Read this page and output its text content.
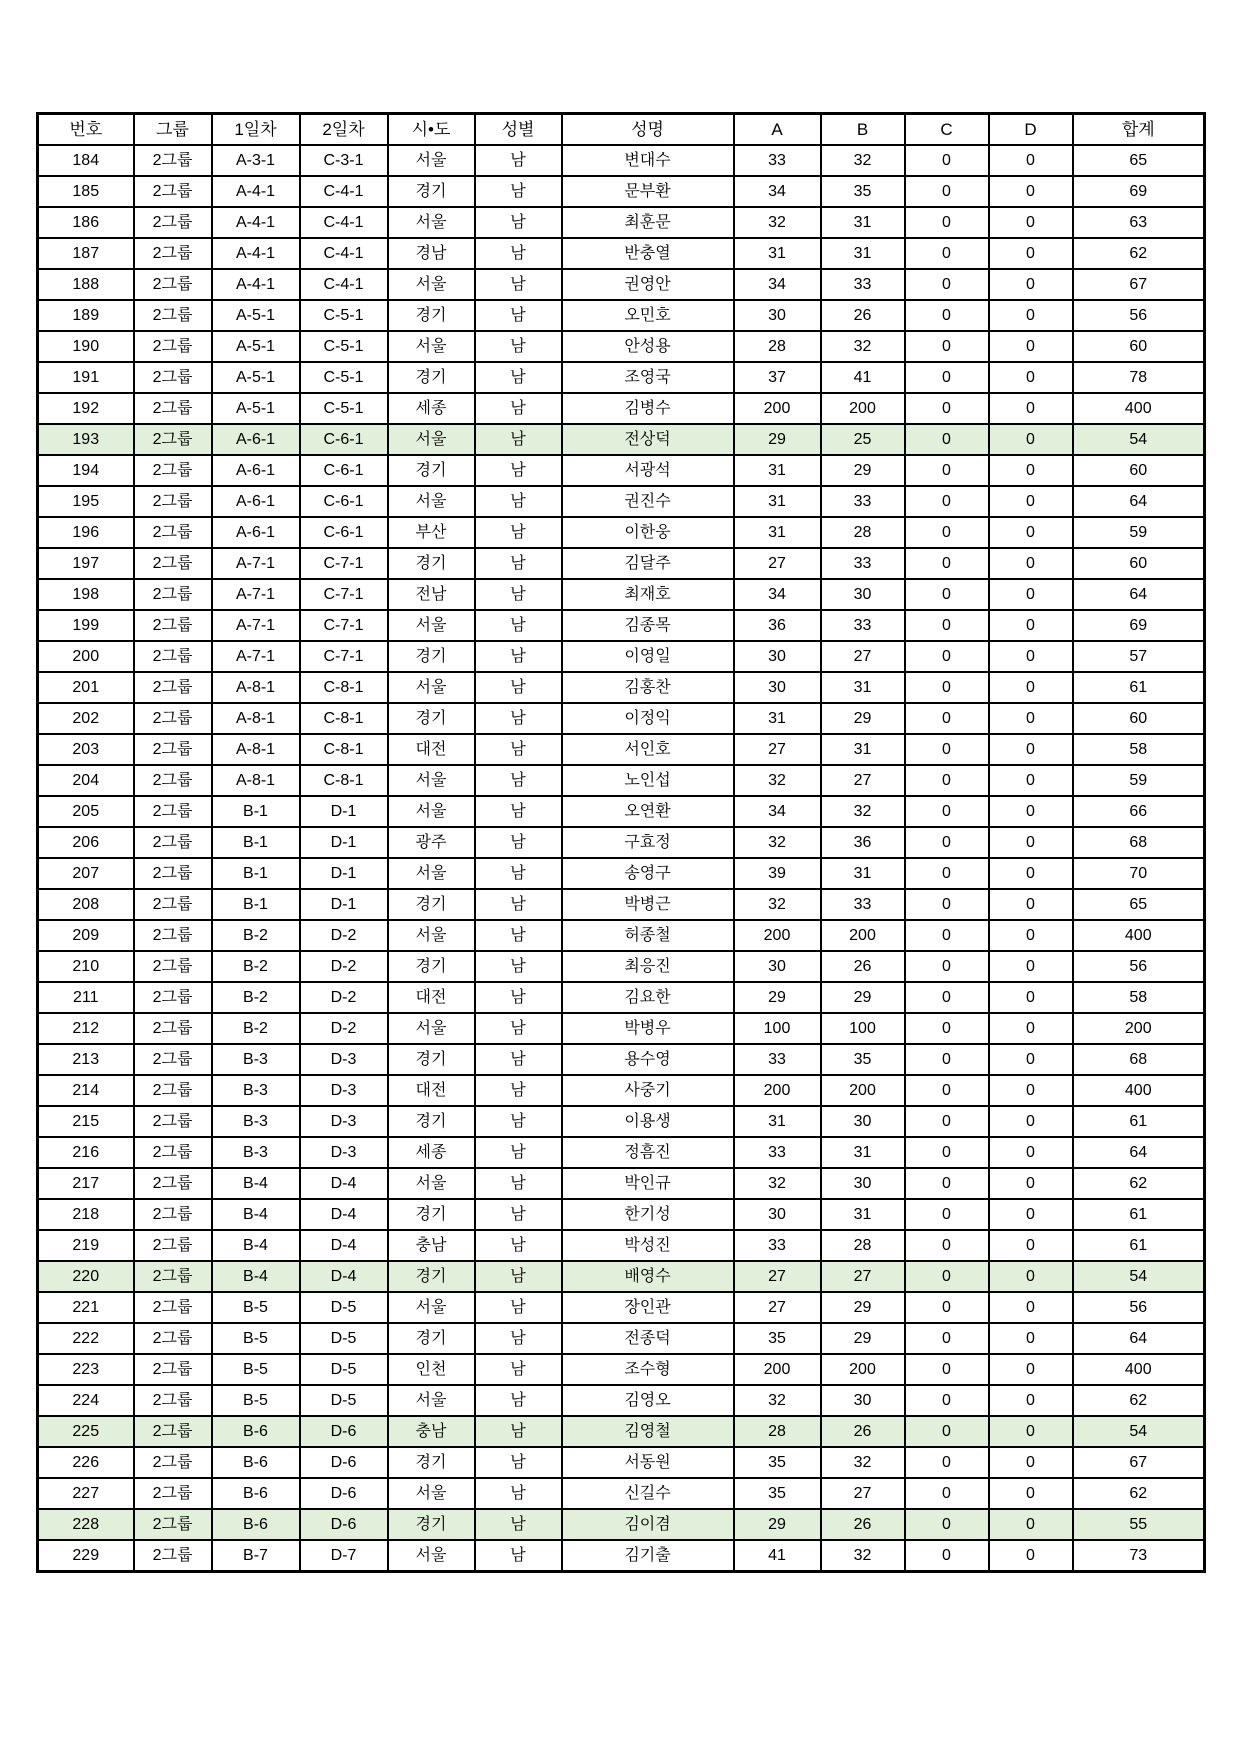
번호	그룹	1일차	2일차	시•도	성별	성명	A	B	C	D	합계
184	2그룹	A-3-1	C-3-1	서울	남	변대수	33	32	0	0	65
185	2그룹	A-4-1	C-4-1	경기	남	문부환	34	35	0	0	69
186	2그룹	A-4-1	C-4-1	서울	남	최훈문	32	31	0	0	63
187	2그룹	A-4-1	C-4-1	경남	남	반충열	31	31	0	0	62
188	2그룹	A-4-1	C-4-1	서울	남	권영안	34	33	0	0	67
189	2그룹	A-5-1	C-5-1	경기	남	오민호	30	26	0	0	56
190	2그룹	A-5-1	C-5-1	서울	남	안성용	28	32	0	0	60
191	2그룹	A-5-1	C-5-1	경기	남	조영국	37	41	0	0	78
192	2그룹	A-5-1	C-5-1	세종	남	김병수	200	200	0	0	400
193	2그룹	A-6-1	C-6-1	서울	남	전상덕	29	25	0	0	54
194	2그룹	A-6-1	C-6-1	경기	남	서광석	31	29	0	0	60
195	2그룹	A-6-1	C-6-1	서울	남	권진수	31	33	0	0	64
196	2그룹	A-6-1	C-6-1	부산	남	이한웅	31	28	0	0	59
197	2그룹	A-7-1	C-7-1	경기	남	김달주	27	33	0	0	60
198	2그룹	A-7-1	C-7-1	전남	남	최재호	34	30	0	0	64
199	2그룹	A-7-1	C-7-1	서울	남	김종목	36	33	0	0	69
200	2그룹	A-7-1	C-7-1	경기	남	이영일	30	27	0	0	57
201	2그룹	A-8-1	C-8-1	서울	남	김홍찬	30	31	0	0	61
202	2그룹	A-8-1	C-8-1	경기	남	이정익	31	29	0	0	60
203	2그룹	A-8-1	C-8-1	대전	남	서인호	27	31	0	0	58
204	2그룹	A-8-1	C-8-1	서울	남	노인섭	32	27	0	0	59
205	2그룹	B-1	D-1	서울	남	오연환	34	32	0	0	66
206	2그룹	B-1	D-1	광주	남	구효정	32	36	0	0	68
207	2그룹	B-1	D-1	서울	남	송영구	39	31	0	0	70
208	2그룹	B-1	D-1	경기	남	박병근	32	33	0	0	65
209	2그룹	B-2	D-2	서울	남	허종철	200	200	0	0	400
210	2그룹	B-2	D-2	경기	남	최응진	30	26	0	0	56
211	2그룹	B-2	D-2	대전	남	김요한	29	29	0	0	58
212	2그룹	B-2	D-2	서울	남	박병우	100	100	0	0	200
213	2그룹	B-3	D-3	경기	남	용수영	33	35	0	0	68
214	2그룹	B-3	D-3	대전	남	사중기	200	200	0	0	400
215	2그룹	B-3	D-3	경기	남	이용생	31	30	0	0	61
216	2그룹	B-3	D-3	세종	남	정흠진	33	31	0	0	64
217	2그룹	B-4	D-4	서울	남	박인규	32	30	0	0	62
218	2그룹	B-4	D-4	경기	남	한기성	30	31	0	0	61
219	2그룹	B-4	D-4	충남	남	박성진	33	28	0	0	61
220	2그룹	B-4	D-4	경기	남	배영수	27	27	0	0	54
221	2그룹	B-5	D-5	서울	남	장인관	27	29	0	0	56
222	2그룹	B-5	D-5	경기	남	전종덕	35	29	0	0	64
223	2그룹	B-5	D-5	인천	남	조수형	200	200	0	0	400
224	2그룹	B-5	D-5	서울	남	김영오	32	30	0	0	62
225	2그룹	B-6	D-6	충남	남	김영철	28	26	0	0	54
226	2그룹	B-6	D-6	경기	남	서동원	35	32	0	0	67
227	2그룹	B-6	D-6	서울	남	신길수	35	27	0	0	62
228	2그룹	B-6	D-6	경기	남	김이겸	29	26	0	0	55
229	2그룹	B-7	D-7	서울	남	김기출	41	32	0	0	73
